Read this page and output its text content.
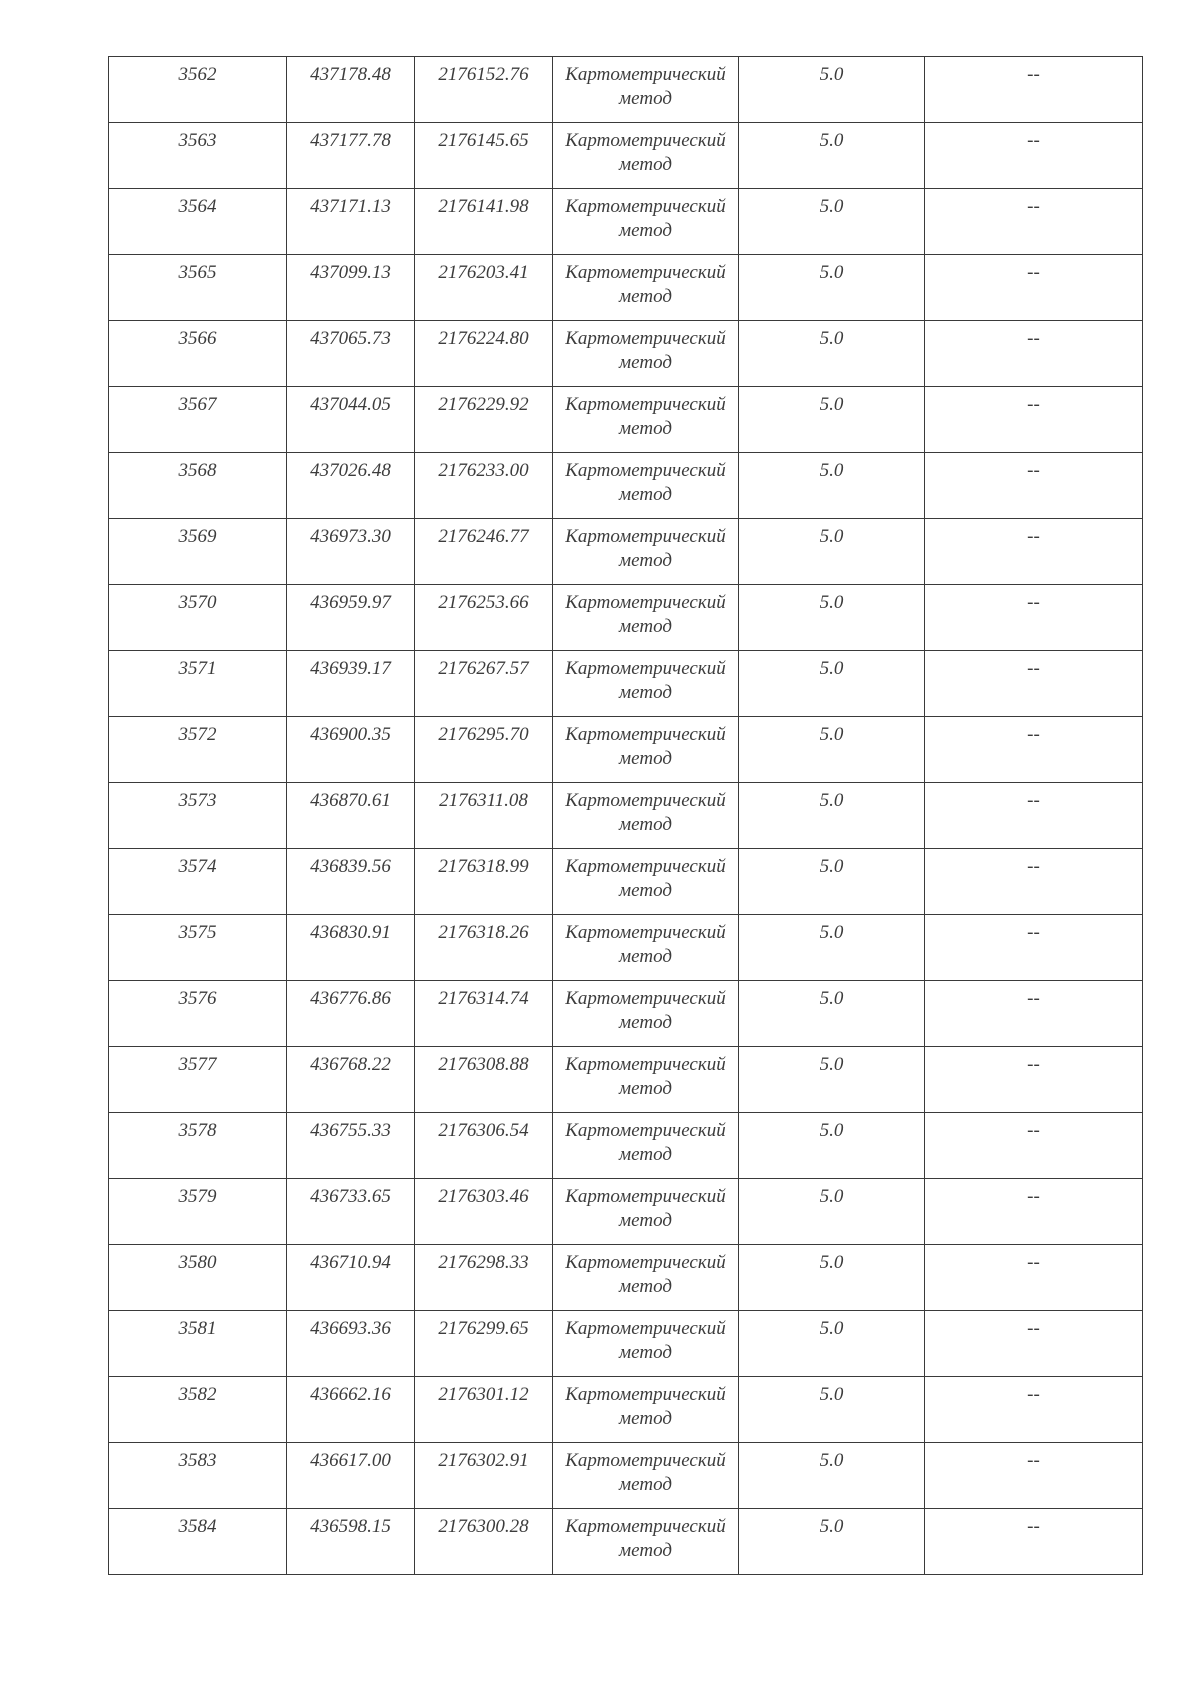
3562	437178.48	2176152.76	Картометрический метод	5.0	--
3563	437177.78	2176145.65	Картометрический метод	5.0	--
3564	437171.13	2176141.98	Картометрический метод	5.0	--
3565	437099.13	2176203.41	Картометрический метод	5.0	--
3566	437065.73	2176224.80	Картометрический метод	5.0	--
3567	437044.05	2176229.92	Картометрический метод	5.0	--
3568	437026.48	2176233.00	Картометрический метод	5.0	--
3569	436973.30	2176246.77	Картометрический метод	5.0	--
3570	436959.97	2176253.66	Картометрический метод	5.0	--
3571	436939.17	2176267.57	Картометрический метод	5.0	--
3572	436900.35	2176295.70	Картометрический метод	5.0	--
3573	436870.61	2176311.08	Картометрический метод	5.0	--
3574	436839.56	2176318.99	Картометрический метод	5.0	--
3575	436830.91	2176318.26	Картометрический метод	5.0	--
3576	436776.86	2176314.74	Картометрический метод	5.0	--
3577	436768.22	2176308.88	Картометрический метод	5.0	--
3578	436755.33	2176306.54	Картометрический метод	5.0	--
3579	436733.65	2176303.46	Картометрический метод	5.0	--
3580	436710.94	2176298.33	Картометрический метод	5.0	--
3581	436693.36	2176299.65	Картометрический метод	5.0	--
3582	436662.16	2176301.12	Картометрический метод	5.0	--
3583	436617.00	2176302.91	Картометрический метод	5.0	--
3584	436598.15	2176300.28	Картометрический метод	5.0	--
